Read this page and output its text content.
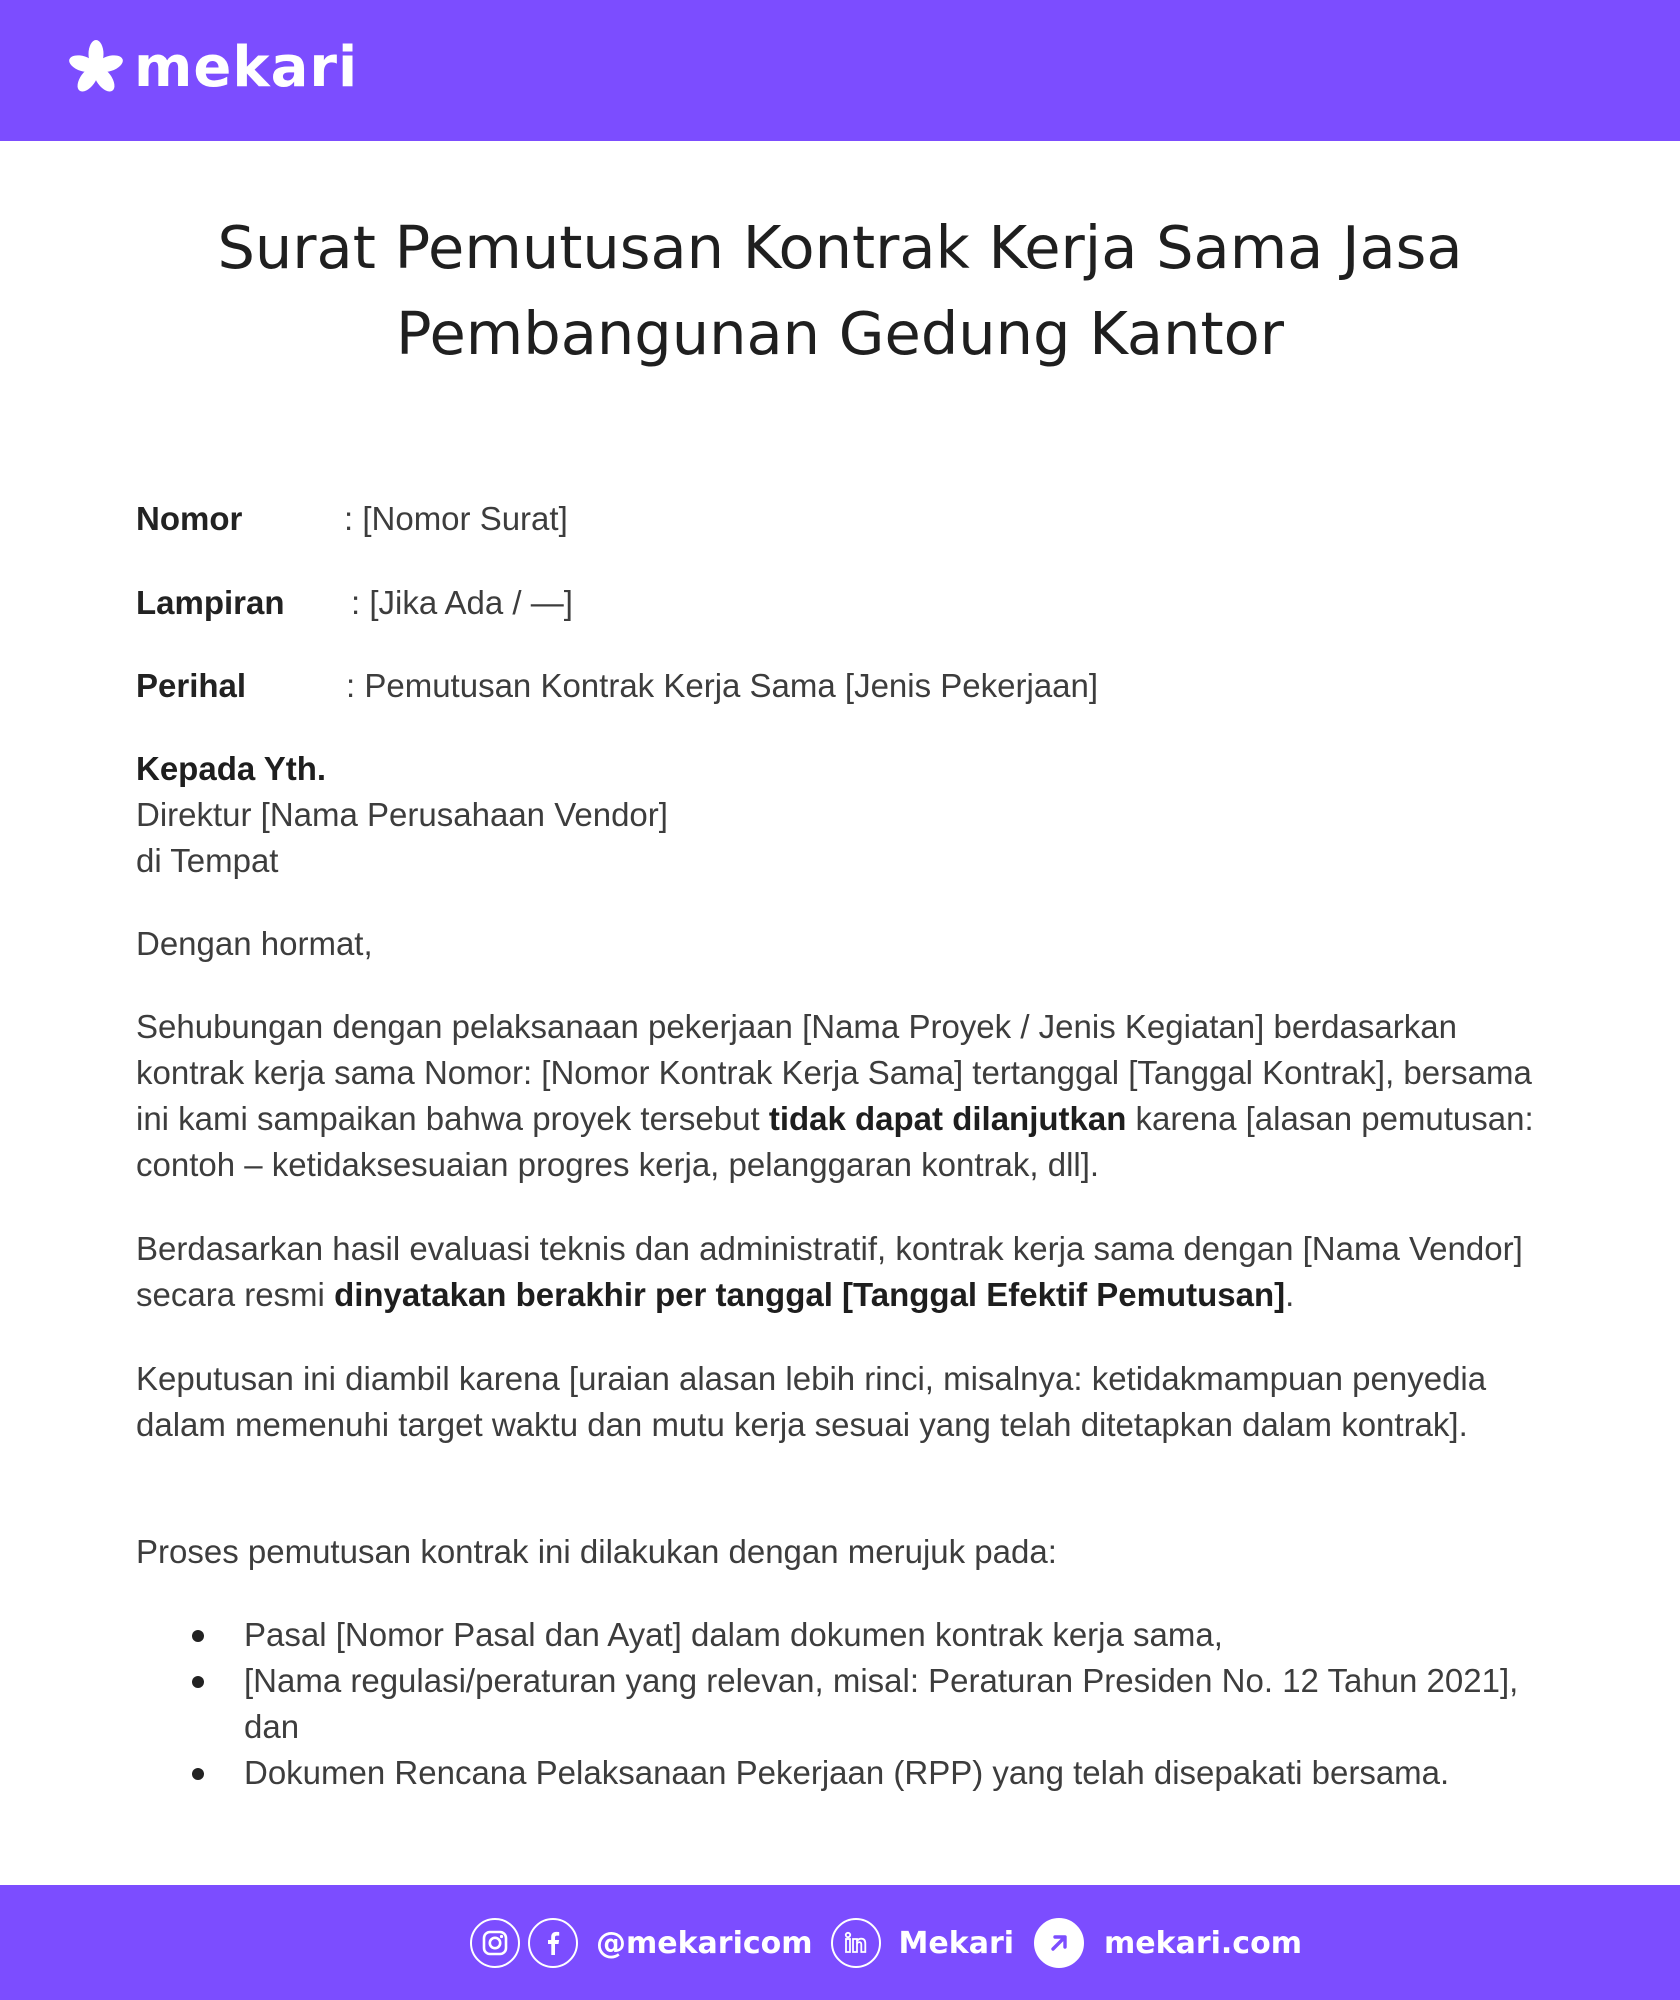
mekari
Surat Pemutusan Kontrak Kerja Sama Jasa
Pembangunan Gedung Kantor
Nomor	: [Nomor Surat]
Lampiran : [Jika Ada / —]
Perihal	: Pemutusan Kontrak Kerja Sama [Jenis Pekerjaan]
Kepada Yth.
Direktur [Nama Perusahaan Vendor]
di Tempat
Dengan hormat,
Sehubungan dengan pelaksanaan pekerjaan [Nama Proyek / Jenis Kegiatan] berdasarkan kontrak kerja sama Nomor: [Nomor Kontrak Kerja Sama] tertanggal [Tanggal Kontrak], bersama ini kami sampaikan bahwa proyek tersebut tidak dapat dilanjutkan karena [alasan pemutusan: contoh – ketidaksesuaian progres kerja, pelanggaran kontrak, dll].
Berdasarkan hasil evaluasi teknis dan administratif, kontrak kerja sama dengan [Nama Vendor] secara resmi dinyatakan berakhir per tanggal [Tanggal Efektif Pemutusan].
Keputusan ini diambil karena [uraian alasan lebih rinci, misalnya: ketidakmampuan penyedia dalam memenuhi target waktu dan mutu kerja sesuai yang telah ditetapkan dalam kontrak].
Proses pemutusan kontrak ini dilakukan dengan merujuk pada:
Pasal [Nomor Pasal dan Ayat] dalam dokumen kontrak kerja sama,
[Nama regulasi/peraturan yang relevan, misal: Peraturan Presiden No. 12 Tahun 2021], dan
Dokumen Rencana Pelaksanaan Pekerjaan (RPP) yang telah disepakati bersama.
@mekaricom	Mekari	mekari.com
